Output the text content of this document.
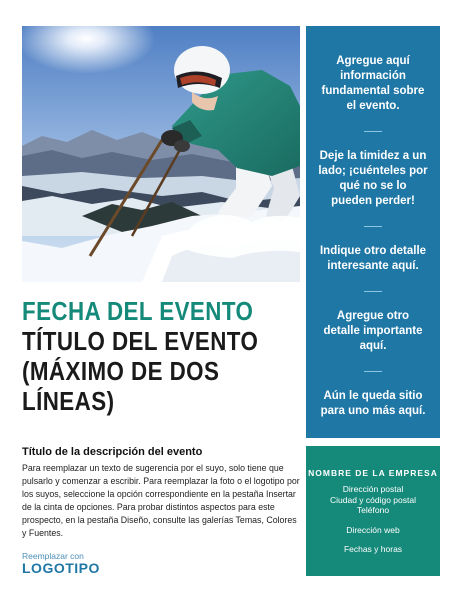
Agregue aquí información fundamental sobre el evento.
Deje la timidez a un lado; ¡cuénteles por qué no se lo pueden perder!
Indique otro detalle interesante aquí.
Agregue otro detalle importante aquí.
Aún le queda sitio para uno más aquí.
NOMBRE DE LA EMPRESA
Dirección postal
Ciudad y código postal
Teléfono
Dirección web
Fechas y horas
FECHA DEL EVENTO
TÍTULO DEL EVENTO
(MÁXIMO DE DOS
LÍNEAS)
Título de la descripción del evento
Para reemplazar un texto de sugerencia por el suyo, solo tiene que pulsarlo y comenzar a escribir. Para reemplazar la foto o el logotipo por los suyos, seleccione la opción correspondiente en la pestaña Insertar de la cinta de opciones. Para probar distintos aspectos para este prospecto, en la pestaña Diseño, consulte las galerías Temas, Colores y Fuentes.
Reemplazar con
LOGOTIPO
